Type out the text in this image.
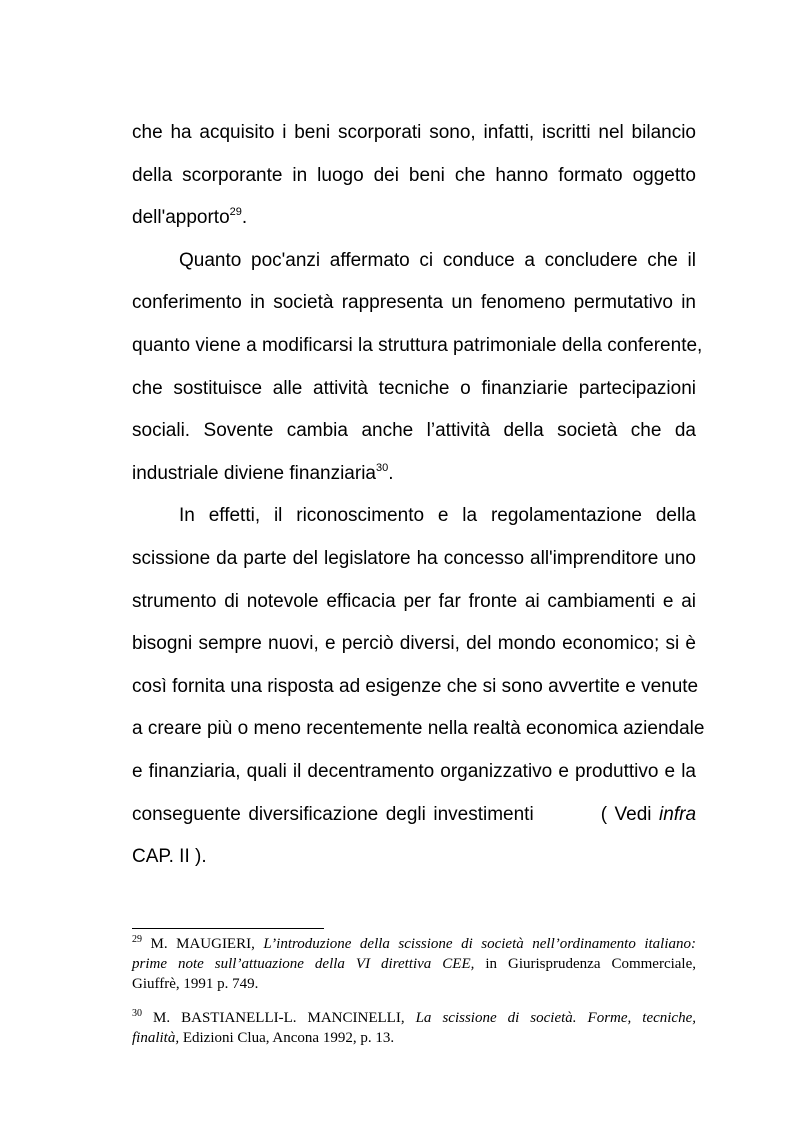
che ha acquisito i beni scorporati sono, infatti, iscritti nel bilancio
della scorporante in luogo dei beni che hanno formato oggetto
dell'apporto$^{29}$.
Quanto poc'anzi affermato ci conduce a concludere che il
conferimento in società rappresenta un fenomeno permutativo in
quanto viene a modificarsi la struttura patrimoniale della conferente,
che sostituisce alle attività tecniche o finanziarie partecipazioni
sociali. Sovente cambia anche l’attività della società che da
industriale diviene finanziaria$^{30}$.
In effetti, il riconoscimento e la regolamentazione della
scissione da parte del legislatore ha concesso all'imprenditore uno
strumento di notevole efficacia per far fronte ai cambiamenti e ai
bisogni sempre nuovi, e perciò diversi, del mondo economico; si è
così fornita una risposta ad esigenze che si sono avvertite e venute
a creare più o meno recentemente nella realtà economica aziendale
e finanziaria, quali il decentramento organizzativo e produttivo e la
conseguente diversificazione degli investimenti	( Vedi infra
CAP. II ).
$^{29}$ M. MAUGIERI, L’introduzione della scissione di società nell’ordinamento italiano:
prime note sull’attuazione della VI direttiva CEE, in Giurisprudenza Commerciale,
Giuffrè, 1991 p. 749.
$^{30}$ M. BASTIANELLI-L. MANCINELLI, La scissione di società. Forme, tecniche,
finalità, Edizioni Clua, Ancona 1992, p. 13.
